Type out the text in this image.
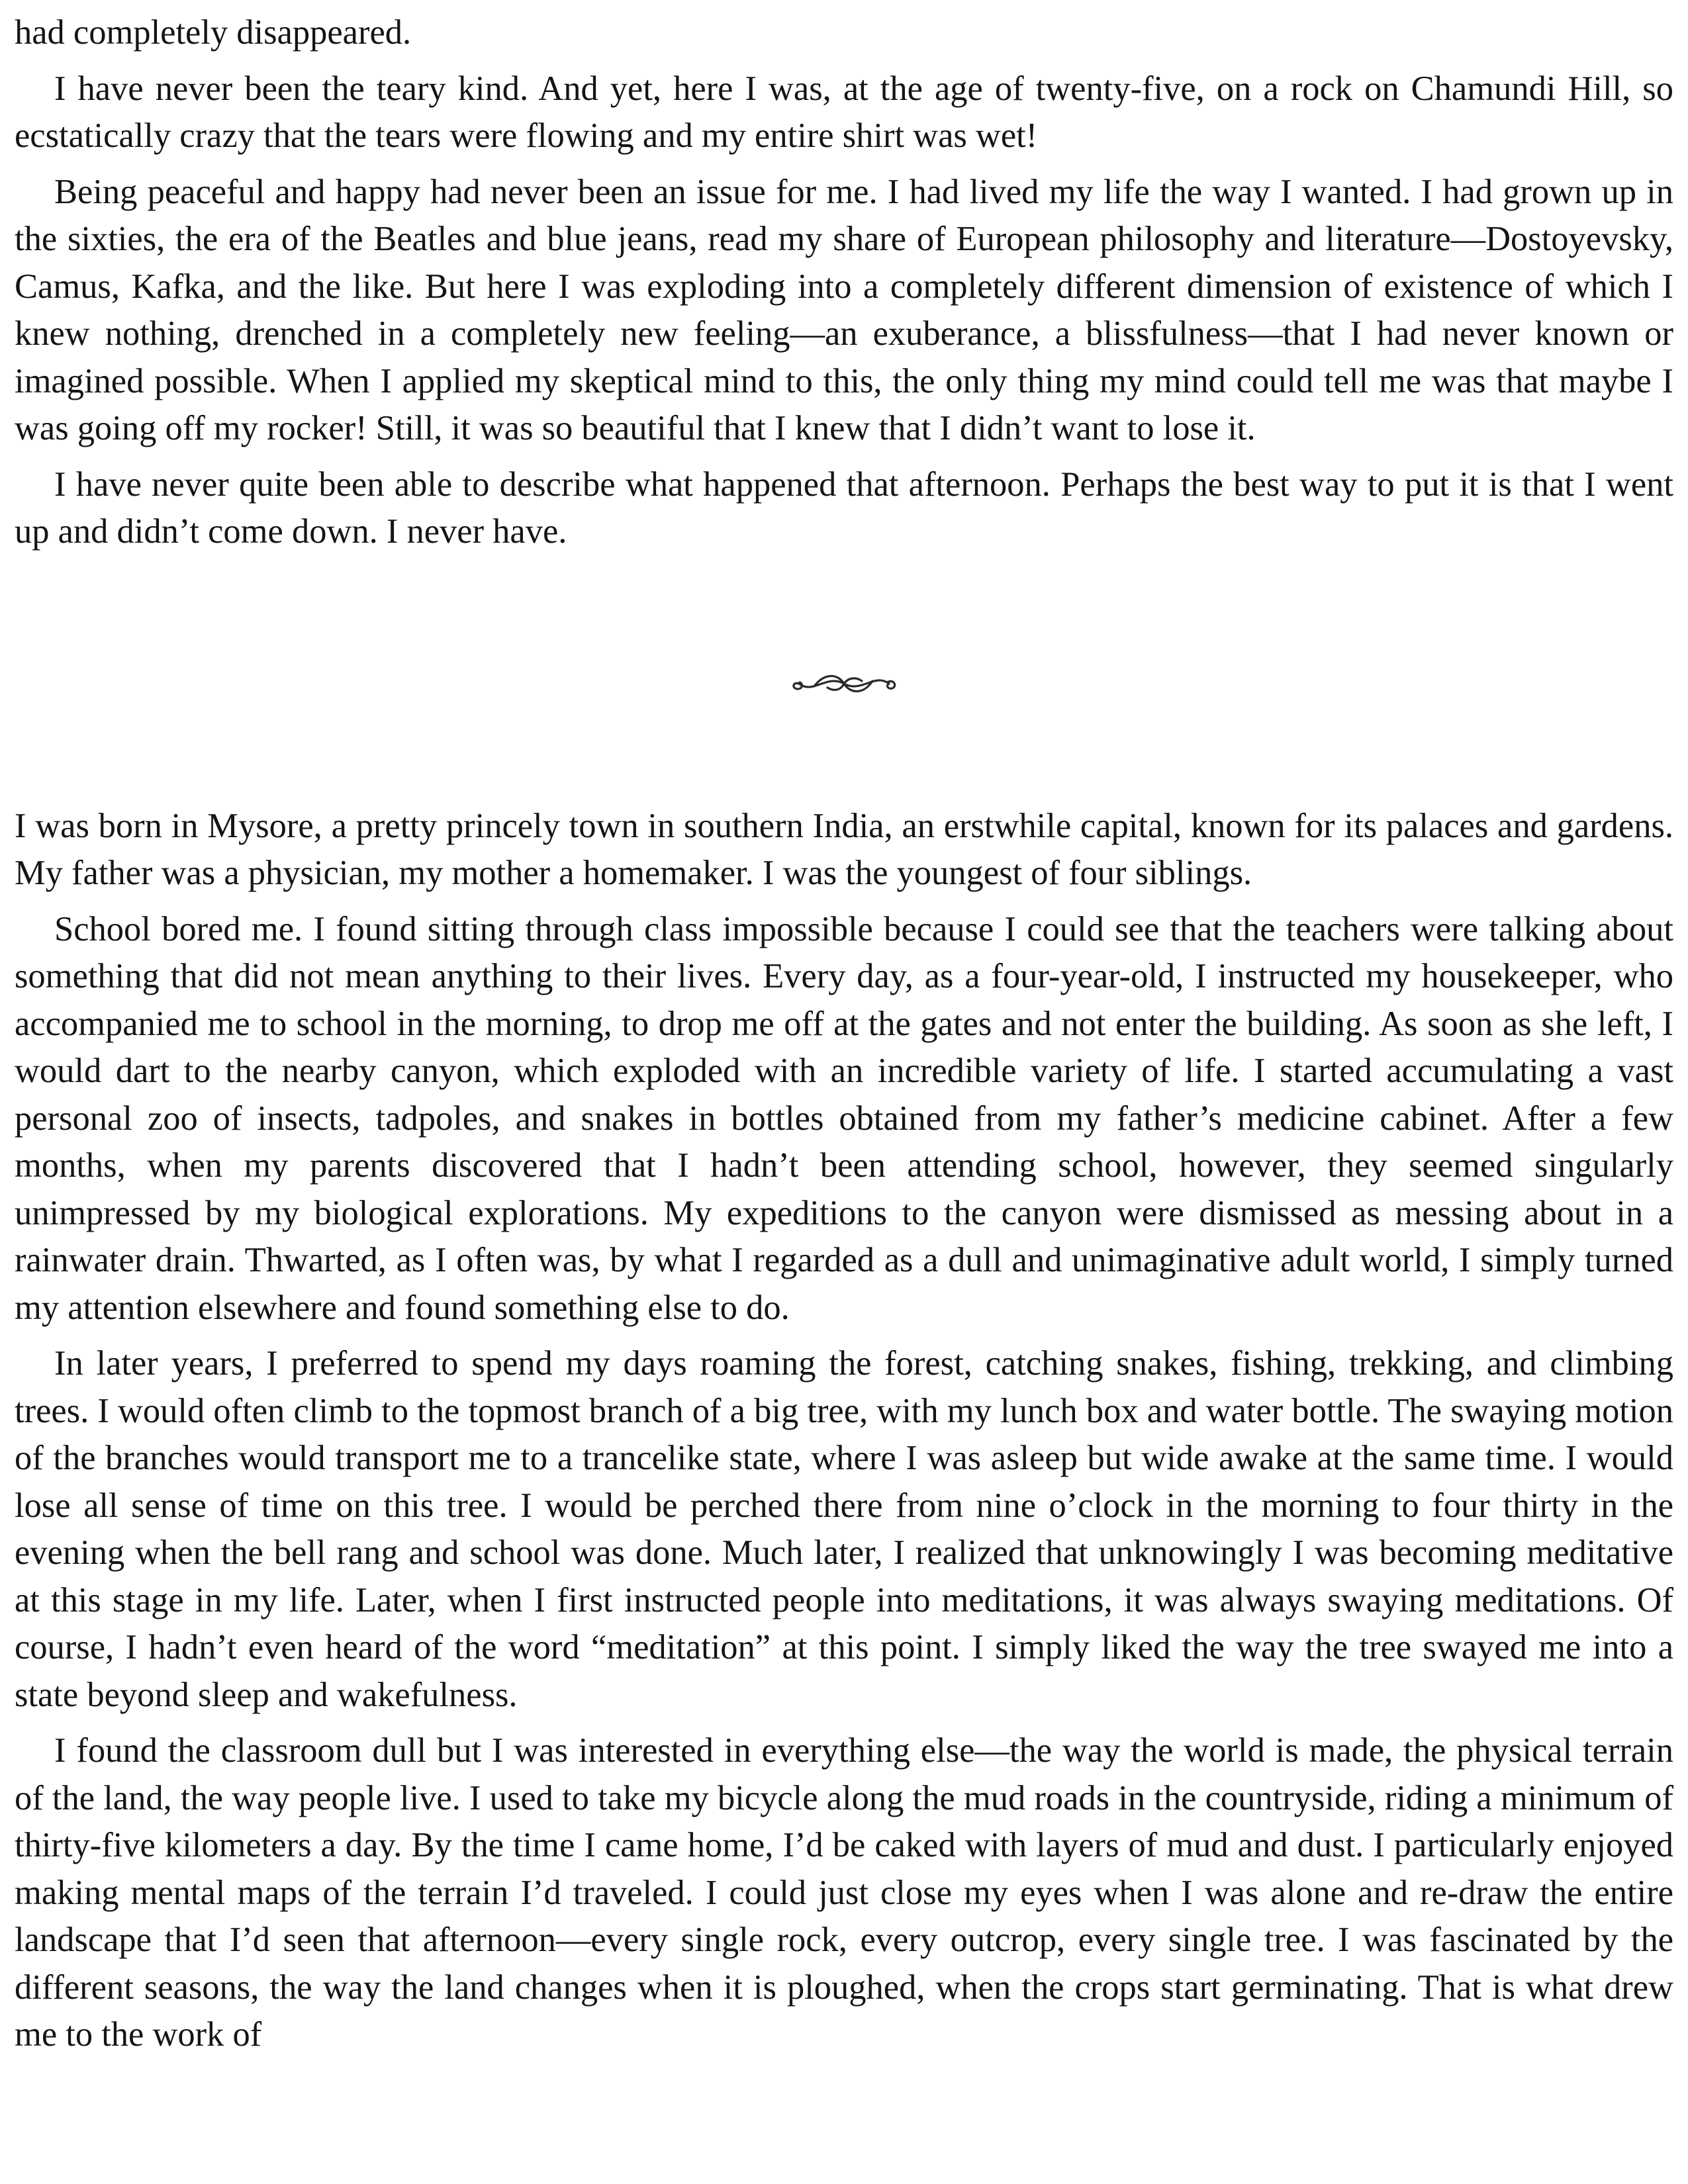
had completely disappeared.

I have never been the teary kind. And yet, here I was, at the age of twenty-five, on a rock on Chamundi Hill, so ecstatically crazy that the tears were flowing and my entire shirt was wet!

Being peaceful and happy had never been an issue for me. I had lived my life the way I wanted. I had grown up in the sixties, the era of the Beatles and blue jeans, read my share of European philosophy and literature—Dostoyevsky, Camus, Kafka, and the like. But here I was exploding into a completely different dimension of existence of which I knew nothing, drenched in a completely new feeling—an exuberance, a blissfulness—that I had never known or imagined possible. When I applied my skeptical mind to this, the only thing my mind could tell me was that maybe I was going off my rocker! Still, it was so beautiful that I knew that I didn’t want to lose it.

I have never quite been able to describe what happened that afternoon. Perhaps the best way to put it is that I went up and didn’t come down. I never have.

I was born in Mysore, a pretty princely town in southern India, an erstwhile capital, known for its palaces and gardens. My father was a physician, my mother a homemaker. I was the youngest of four siblings.

School bored me. I found sitting through class impossible because I could see that the teachers were talking about something that did not mean anything to their lives. Every day, as a four-year-old, I instructed my housekeeper, who accompanied me to school in the morning, to drop me off at the gates and not enter the building. As soon as she left, I would dart to the nearby canyon, which exploded with an incredible variety of life. I started accumulating a vast personal zoo of insects, tadpoles, and snakes in bottles obtained from my father’s medicine cabinet. After a few months, when my parents discovered that I hadn’t been attending school, however, they seemed singularly unimpressed by my biological explorations. My expeditions to the canyon were dismissed as messing about in a rainwater drain. Thwarted, as I often was, by what I regarded as a dull and unimaginative adult world, I simply turned my attention elsewhere and found something else to do.

In later years, I preferred to spend my days roaming the forest, catching snakes, fishing, trekking, and climbing trees. I would often climb to the topmost branch of a big tree, with my lunch box and water bottle. The swaying motion of the branches would transport me to a trancelike state, where I was asleep but wide awake at the same time. I would lose all sense of time on this tree. I would be perched there from nine o’clock in the morning to four thirty in the evening when the bell rang and school was done. Much later, I realized that unknowingly I was becoming meditative at this stage in my life. Later, when I first instructed people into meditations, it was always swaying meditations. Of course, I hadn’t even heard of the word “meditation” at this point. I simply liked the way the tree swayed me into a state beyond sleep and wakefulness.

I found the classroom dull but I was interested in everything else—the way the world is made, the physical terrain of the land, the way people live. I used to take my bicycle along the mud roads in the countryside, riding a minimum of thirty-five kilometers a day. By the time I came home, I’d be caked with layers of mud and dust. I particularly enjoyed making mental maps of the terrain I’d traveled. I could just close my eyes when I was alone and re-draw the entire landscape that I’d seen that afternoon—every single rock, every outcrop, every single tree. I was fascinated by the different seasons, the way the land changes when it is ploughed, when the crops start germinating. That is what drew me to the work of
